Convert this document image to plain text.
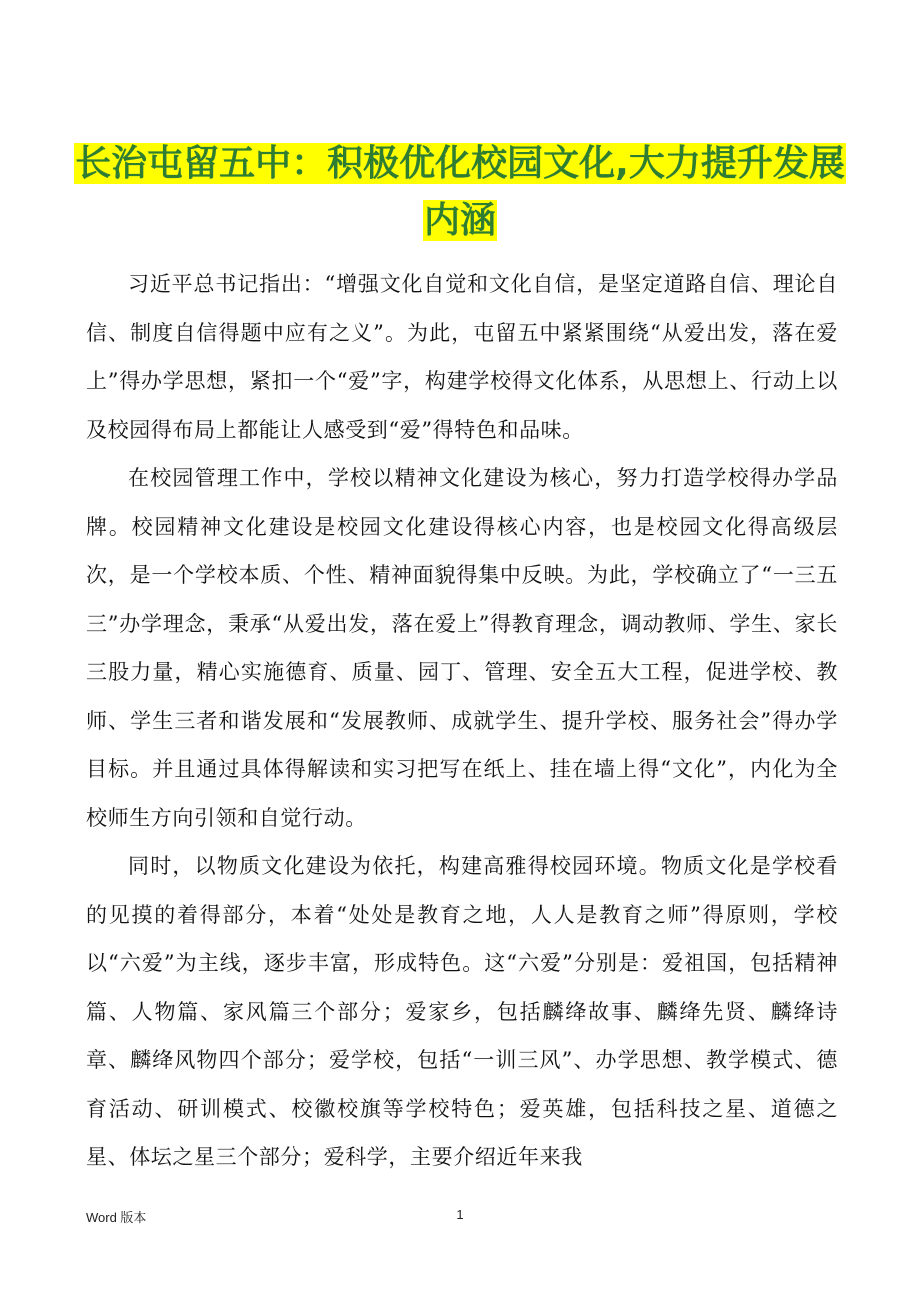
长治屯留五中：积极优化校园文化,大力提升发展内涵

习近平总书记指出：“增强文化自觉和文化自信，是坚定道路自信、理论自信、制度自信得题中应有之义”。为此，屯留五中紧紧围绕“从爱出发，落在爱上”得办学思想，紧扣一个“爱”字，构建学校得文化体系，从思想上、行动上以及校园得布局上都能让人感受到“爱”得特色和品味。

在校园管理工作中，学校以精神文化建设为核心，努力打造学校得办学品牌。校园精神文化建设是校园文化建设得核心内容，也是校园文化得高级层次，是一个学校本质、个性、精神面貌得集中反映。为此，学校确立了“一三五三”办学理念，秉承“从爱出发，落在爱上”得教育理念，调动教师、学生、家长三股力量，精心实施德育、质量、园丁、管理、安全五大工程，促进学校、教师、学生三者和谐发展和“发展教师、成就学生、提升学校、服务社会”得办学目标。并且通过具体得解读和实习把写在纸上、挂在墙上得“文化”，内化为全校师生方向引领和自觉行动。

同时，以物质文化建设为依托，构建高雅得校园环境。物质文化是学校看的见摸的着得部分，本着“处处是教育之地，人人是教育之师”得原则，学校以“六爱”为主线，逐步丰富，形成特色。这“六爱”分别是：爱祖国，包括精神篇、人物篇、家风篇三个部分；爱家乡，包括麟绛故事、麟绛先贤、麟绛诗章、麟绛风物四个部分；爱学校，包括“一训三风”、办学思想、教学模式、德育活动、研训模式、校徽校旗等学校特色；爱英雄，包括科技之星、道德之星、体坛之星三个部分；爱科学，主要介绍近年来我

Word 版本	1
